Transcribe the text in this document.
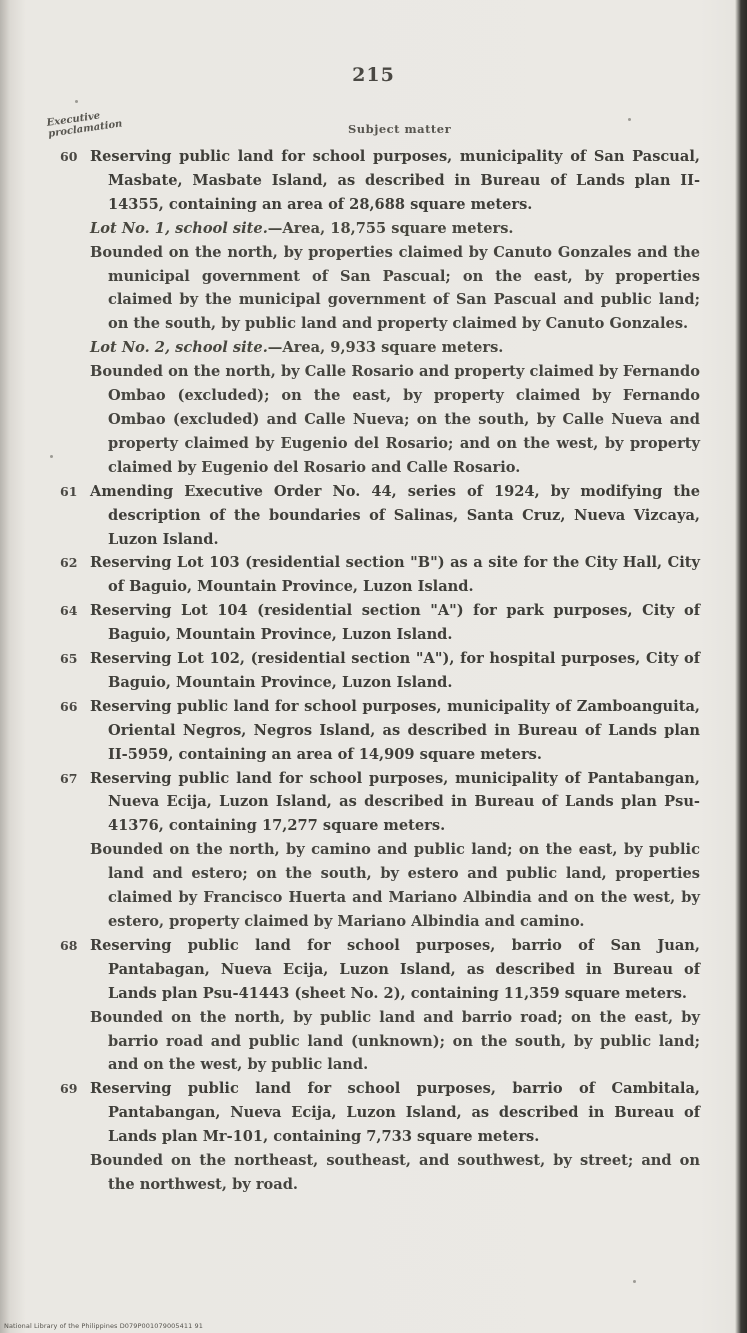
215
Executive proclamation	Subject matter
60 Reserving public land for school purposes, municipality of San Pascual, Masbate, Masbate Island, as described in Bureau of Lands plan II-14355, containing an area of 28,688 square meters.
Lot No. 1, school site.—Area, 18,755 square meters.
Bounded on the north, by properties claimed by Canuto Gonzales and the municipal government of San Pascual; on the east, by properties claimed by the municipal government of San Pascual and public land; on the south, by public land and property claimed by Canuto Gonzales.
Lot No. 2, school site.—Area, 9,933 square meters.
Bounded on the north, by Calle Rosario and property claimed by Fernando Ombao (excluded); on the east, by property claimed by Fernando Ombao (excluded) and Calle Nueva; on the south, by Calle Nueva and property claimed by Eugenio del Rosario; and on the west, by property claimed by Eugenio del Rosario and Calle Rosario.
61 Amending Executive Order No. 44, series of 1924, by modifying the description of the boundaries of Salinas, Santa Cruz, Nueva Vizcaya, Luzon Island.
62 Reserving Lot 103 (residential section "B") as a site for the City Hall, City of Baguio, Mountain Province, Luzon Island.
64 Reserving Lot 104 (residential section "A") for park purposes, City of Baguio, Mountain Province, Luzon Island.
65 Reserving Lot 102, (residential section "A"), for hospital purposes, City of Baguio, Mountain Province, Luzon Island.
66 Reserving public land for school purposes, municipality of Zamboanguita, Oriental Negros, Negros Island, as described in Bureau of Lands plan II-5959, containing an area of 14,909 square meters.
67 Reserving public land for school purposes, municipality of Pantabangan, Nueva Ecija, Luzon Island, as described in Bureau of Lands plan Psu-41376, containing 17,277 square meters.
Bounded on the north, by camino and public land; on the east, by public land and estero; on the south, by estero and public land, properties claimed by Francisco Huerta and Mariano Albindia and on the west, by estero, property claimed by Mariano Albindia and camino.
68 Reserving public land for school purposes, barrio of San Juan, Pantabagan, Nueva Ecija, Luzon Island, as described in Bureau of Lands plan Psu-41443 (sheet No. 2), containing 11,359 square meters.
Bounded on the north, by public land and barrio road; on the east, by barrio road and public land (unknown); on the south, by public land; and on the west, by public land.
69 Reserving public land for school purposes, barrio of Cambitala, Pantabangan, Nueva Ecija, Luzon Island, as described in Bureau of Lands plan Mr-101, containing 7,733 square meters.
Bounded on the northeast, southeast, and southwest, by street; and on the northwest, by road.
National Library of the Philippines D079P001079005411 91
